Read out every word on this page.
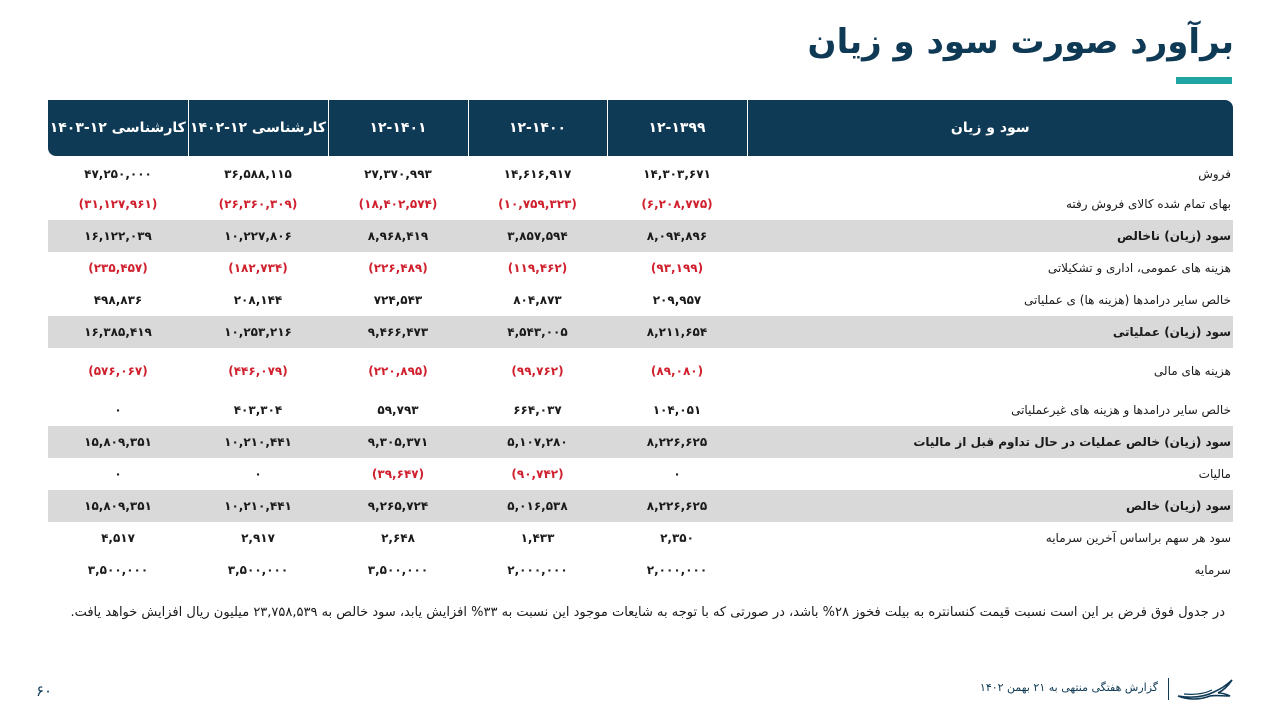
برآورد صورت سود و زیان
سود و زیان	۱۲-۱۳۹۹	۱۲-۱۴۰۰	۱۲-۱۴۰۱	کارشناسی ۱۲-۱۴۰۲	کارشناسی ۱۲-۱۴۰۳
فروش	۱۴,۳۰۳,۶۷۱	۱۴,۶۱۶,۹۱۷	۲۷,۳۷۰,۹۹۳	۳۶,۵۸۸,۱۱۵	۴۷,۲۵۰,۰۰۰
بهای تمام شده کالای فروش رفته	(۶,۲۰۸,۷۷۵)	(۱۰,۷۵۹,۳۲۳)	(۱۸,۴۰۲,۵۷۴)	(۲۶,۳۶۰,۳۰۹)	(۳۱,۱۲۷,۹۶۱)
سود (زیان) ناخالص	۸,۰۹۴,۸۹۶	۳,۸۵۷,۵۹۴	۸,۹۶۸,۴۱۹	۱۰,۲۲۷,۸۰۶	۱۶,۱۲۲,۰۳۹
هزینه های عمومی، اداری و تشکیلاتی	(۹۳,۱۹۹)	(۱۱۹,۴۶۲)	(۲۲۶,۴۸۹)	(۱۸۲,۷۳۴)	(۲۳۵,۴۵۷)
خالص سایر درامدها (هزینه ها) ی عملیاتی	۲۰۹,۹۵۷	۸۰۴,۸۷۳	۷۲۴,۵۴۳	۲۰۸,۱۴۴	۴۹۸,۸۳۶
سود (زیان) عملیاتی	۸,۲۱۱,۶۵۴	۴,۵۴۳,۰۰۵	۹,۴۶۶,۴۷۳	۱۰,۲۵۳,۲۱۶	۱۶,۳۸۵,۴۱۹
هزینه های مالی	(۸۹,۰۸۰)	(۹۹,۷۶۲)	(۲۲۰,۸۹۵)	(۴۴۶,۰۷۹)	(۵۷۶,۰۶۷)
خالص سایر درامدها و هزینه های غیرعملیاتی	۱۰۴,۰۵۱	۶۶۴,۰۳۷	۵۹,۷۹۳	۴۰۳,۳۰۴	۰
سود (زیان) خالص عملیات در حال تداوم قبل از مالیات	۸,۲۲۶,۶۲۵	۵,۱۰۷,۲۸۰	۹,۳۰۵,۳۷۱	۱۰,۲۱۰,۴۴۱	۱۵,۸۰۹,۳۵۱
مالیات	۰	(۹۰,۷۴۲)	(۳۹,۶۴۷)	۰	۰
سود (زیان) خالص	۸,۲۲۶,۶۲۵	۵,۰۱۶,۵۳۸	۹,۲۶۵,۷۲۴	۱۰,۲۱۰,۴۴۱	۱۵,۸۰۹,۳۵۱
سود هر سهم براساس آخرین سرمایه	۲,۳۵۰	۱,۴۳۳	۲,۶۴۸	۲,۹۱۷	۴,۵۱۷
سرمایه	۲,۰۰۰,۰۰۰	۲,۰۰۰,۰۰۰	۳,۵۰۰,۰۰۰	۳,۵۰۰,۰۰۰	۳,۵۰۰,۰۰۰
در جدول فوق فرض بر این است نسبت قیمت کنسانتره به بیلت فخوز ۲۸% باشد، در صورتی که با توجه به شایعات موجود این نسبت به ۳۳% افزایش یابد، سود خالص به ۲۳,۷۵۸,۵۳۹ میلیون ریال افزایش خواهد یافت.
گزارش هفتگی منتهی به ۲۱ بهمن ۱۴۰۲
۶۰
